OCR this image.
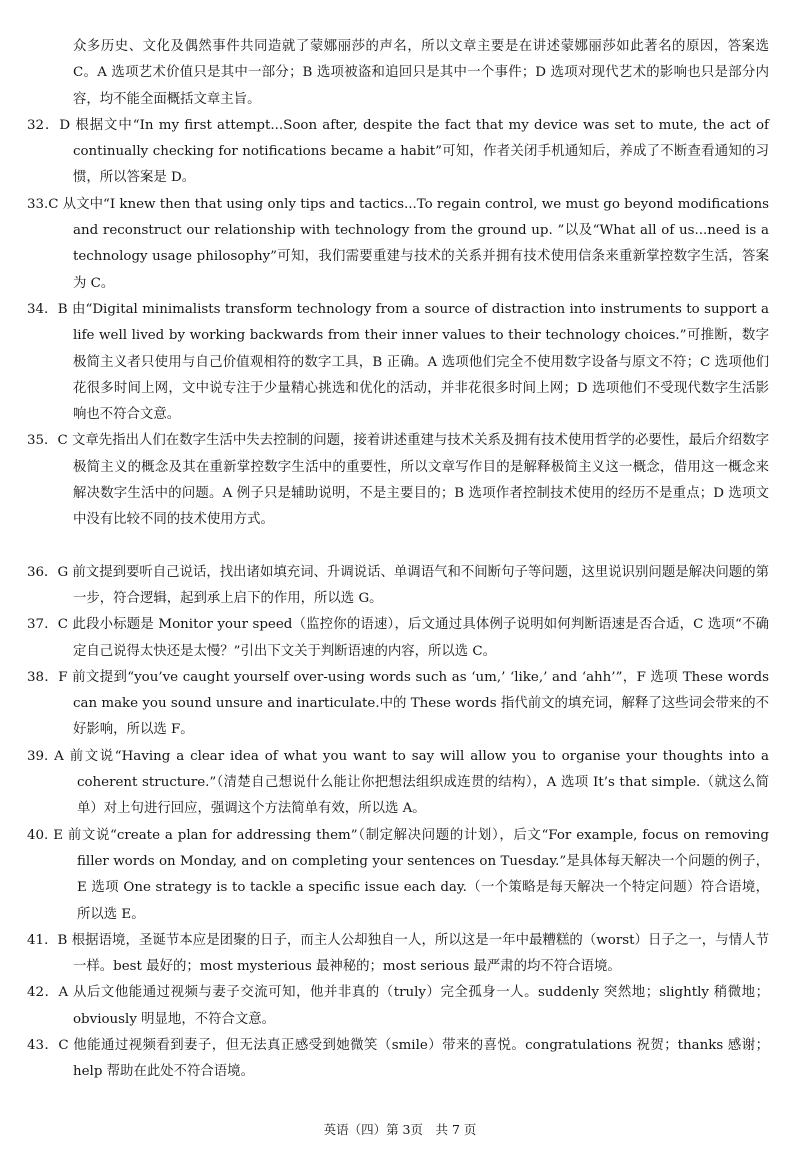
众多历史、文化及偶然事件共同造就了蒙娜丽莎的声名，所以文章主要是在讲述蒙娜丽莎如此著名的原因，答案选 C。A 选项艺术价值只是其中一部分；B 选项被盗和追回只是其中一个事件；D 选项对现代艺术的影响也只是部分内容，均不能全面概括文章主旨。
32．D 根据文中“In my first attempt...Soon after, despite the fact that my device was set to mute, the act of continually checking for notifications became a habit”可知，作者关闭手机通知后，养成了不断查看通知的习惯，所以答案是 D。
33.C 从文中“I knew then that using only tips and tactics...To regain control, we must go beyond modifications and reconstruct our relationship with technology from the ground up. ”以及“What all of us...need is a technology usage philosophy”可知，我们需要重建与技术的关系并拥有技术使用信条来重新掌控数字生活，答案为 C。
34．B 由“Digital minimalists transform technology from a source of distraction into instruments to support a life well lived by working backwards from their inner values to their technology choices.”可推断，数字极简主义者只使用与自己价值观相符的数字工具，B 正确。A 选项他们完全不使用数字设备与原文不符；C 选项他们花很多时间上网，文中说专注于少量精心挑选和优化的活动，并非花很多时间上网；D 选项他们不受现代数字生活影响也不符合文意。
35．C 文章先指出人们在数字生活中失去控制的问题，接着讲述重建与技术关系及拥有技术使用哲学的必要性，最后介绍数字极简主义的概念及其在重新掌控数字生活中的重要性，所以文章写作目的是解释极简主义这一概念，借用这一概念来解决数字生活中的问题。A 例子只是辅助说明，不是主要目的；B 选项作者控制技术使用的经历不是重点；D 选项文中没有比较不同的技术使用方式。
36．G 前文提到要听自己说话，找出诸如填充词、升调说话、单调语气和不间断句子等问题，这里说识别问题是解决问题的第一步，符合逻辑，起到承上启下的作用，所以选 G。
37．C 此段小标题是 Monitor your speed（监控你的语速），后文通过具体例子说明如何判断语速是否合适，C 选项“不确定自己说得太快还是太慢？”引出下文关于判断语速的内容，所以选 C。
38．F 前文提到“you’ve caught yourself over-using words such as ‘um,’ ‘like,’ and ‘ahh’”，F 选项 These words can make you sound unsure and inarticulate.中的 These words 指代前文的填充词，解释了这些词会带来的不好影响，所以选 F。
39. A 前文说“Having a clear idea of what you want to say will allow you to organise your thoughts into a coherent structure.”（清楚自己想说什么能让你把想法组织成连贯的结构），A 选项 It’s that simple.（就这么简单）对上句进行回应，强调这个方法简单有效，所以选 A。
40. E 前文说“create a plan for addressing them”（制定解决问题的计划），后文“For example, focus on removing filler words on Monday, and on completing your sentences on Tuesday.”是具体每天解决一个问题的例子，E 选项 One strategy is to tackle a specific issue each day.（一个策略是每天解决一个特定问题）符合语境，所以选 E。
41．B 根据语境，圣诞节本应是团聚的日子，而主人公却独自一人，所以这是一年中最糟糕的（worst）日子之一，与情人节一样。best 最好的；most mysterious 最神秘的；most serious 最严肃的均不符合语境。
42．A 从后文他能通过视频与妻子交流可知，他并非真的（truly）完全孤身一人。suddenly 突然地；slightly 稍微地；obviously 明显地，不符合文意。
43．C 他能通过视频看到妻子，但无法真正感受到她微笑（smile）带来的喜悦。congratulations 祝贺；thanks 感谢；help 帮助在此处不符合语境。
英语（四）第 3页　共 7 页
